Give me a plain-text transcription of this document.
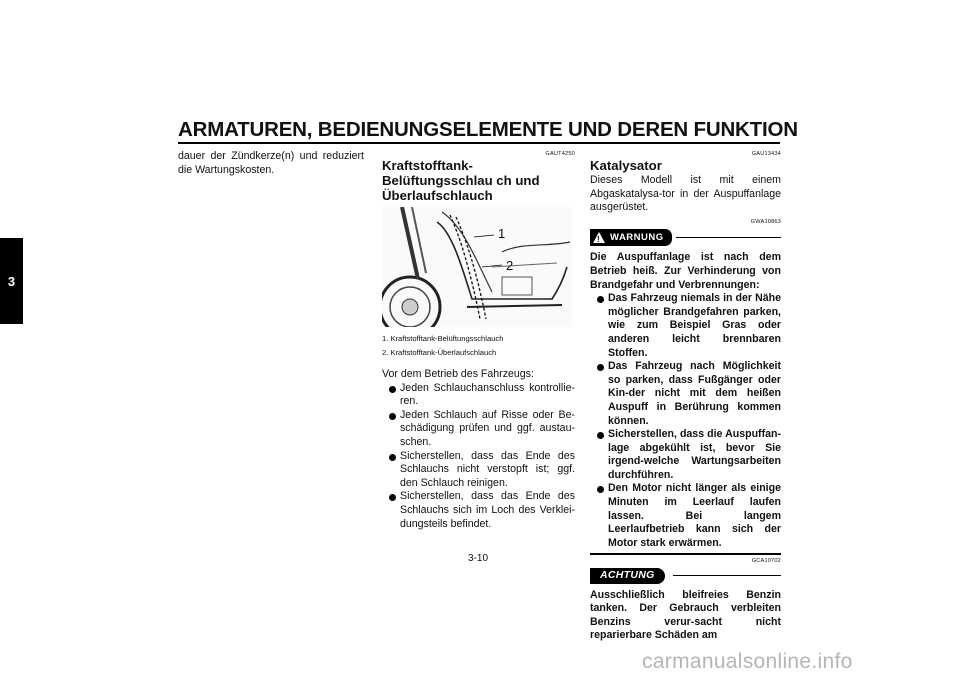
ARMATUREN, BEDIENUNGSELEMENTE UND DEREN FUNKTION
3

dauer der Zündkerze(n) und reduziert die Wartungskosten.

GAUT4250
Kraftstofftank-Belüftungsschlau ch und Überlaufschlauch
1
2
1. Kraftstofftank-Belüftungsschlauch
2. Kraftstofftank-Überlaufschlauch

Vor dem Betrieb des Fahrzeugs:

Jeden Schlauchanschluss kontrollie-ren.
Jeden Schlauch auf Risse oder Be-schädigung prüfen und ggf. austau-schen.
Sicherstellen, dass das Ende des Schlauchs nicht verstopft ist; ggf. den Schlauch reinigen.
Sicherstellen, dass das Ende des Schlauchs sich im Loch des Verklei-dungsteils befindet.
GAU13434
Katalysator

Dieses Modell ist mit einem Abgaskatalysa-tor in der Auspuffanlage ausgerüstet.

GWA10863
! WARNUNG

Die Auspuffanlage ist nach dem Betrieb heiß. Zur Verhinderung von Brandgefahr und Verbrennungen:

Das Fahrzeug niemals in der Nähe möglicher Brandgefahren parken, wie zum Beispiel Gras oder anderen leicht brennbaren Stoffen.
Das Fahrzeug nach Möglichkeit so parken, dass Fußgänger oder Kin-der nicht mit dem heißen Auspuff in Berührung kommen können.
Sicherstellen, dass die Auspuffan-lage abgekühlt ist, bevor Sie irgend-welche Wartungsarbeiten durchführen.
Den Motor nicht länger als einige Minuten im Leerlauf laufen lassen. Bei langem Leerlaufbetrieb kann sich der Motor stark erwärmen.
GCA10702
ACHTUNG

Ausschließlich bleifreies Benzin tanken. Der Gebrauch verbleiten Benzins verur-sacht nicht reparierbare Schäden am

3-10
carmanualsonline.info
